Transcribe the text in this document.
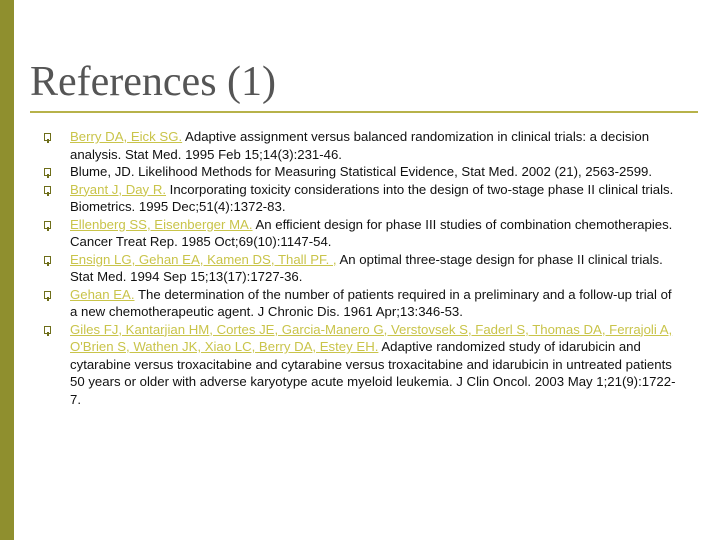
References (1)
Berry DA, Eick SG. Adaptive assignment versus balanced randomization in clinical trials: a decision analysis. Stat Med. 1995 Feb 15;14(3):231-46.
Blume, JD. Likelihood Methods for Measuring Statistical Evidence, Stat Med. 2002 (21), 2563-2599.
Bryant J, Day R. Incorporating toxicity considerations into the design of two-stage phase II clinical trials. Biometrics. 1995 Dec;51(4):1372-83.
Ellenberg SS, Eisenberger MA. An efficient design for phase III studies of combination chemotherapies. Cancer Treat Rep. 1985 Oct;69(10):1147-54.
Ensign LG, Gehan EA, Kamen DS, Thall PF. , An optimal three-stage design for phase II clinical trials.
Stat Med. 1994 Sep 15;13(17):1727-36.
Gehan EA. The determination of the number of patients required in a preliminary and a follow-up trial of a new chemotherapeutic agent. J Chronic Dis. 1961 Apr;13:346-53.
Giles FJ, Kantarjian HM, Cortes JE, Garcia-Manero G, Verstovsek S, Faderl S, Thomas DA, Ferrajoli A, O'Brien S, Wathen JK, Xiao LC, Berry DA, Estey EH. Adaptive randomized study of idarubicin and cytarabine versus troxacitabine and cytarabine versus troxacitabine and idarubicin in untreated patients 50 years or older with adverse karyotype acute myeloid leukemia. J Clin Oncol. 2003 May 1;21(9):1722-7.
